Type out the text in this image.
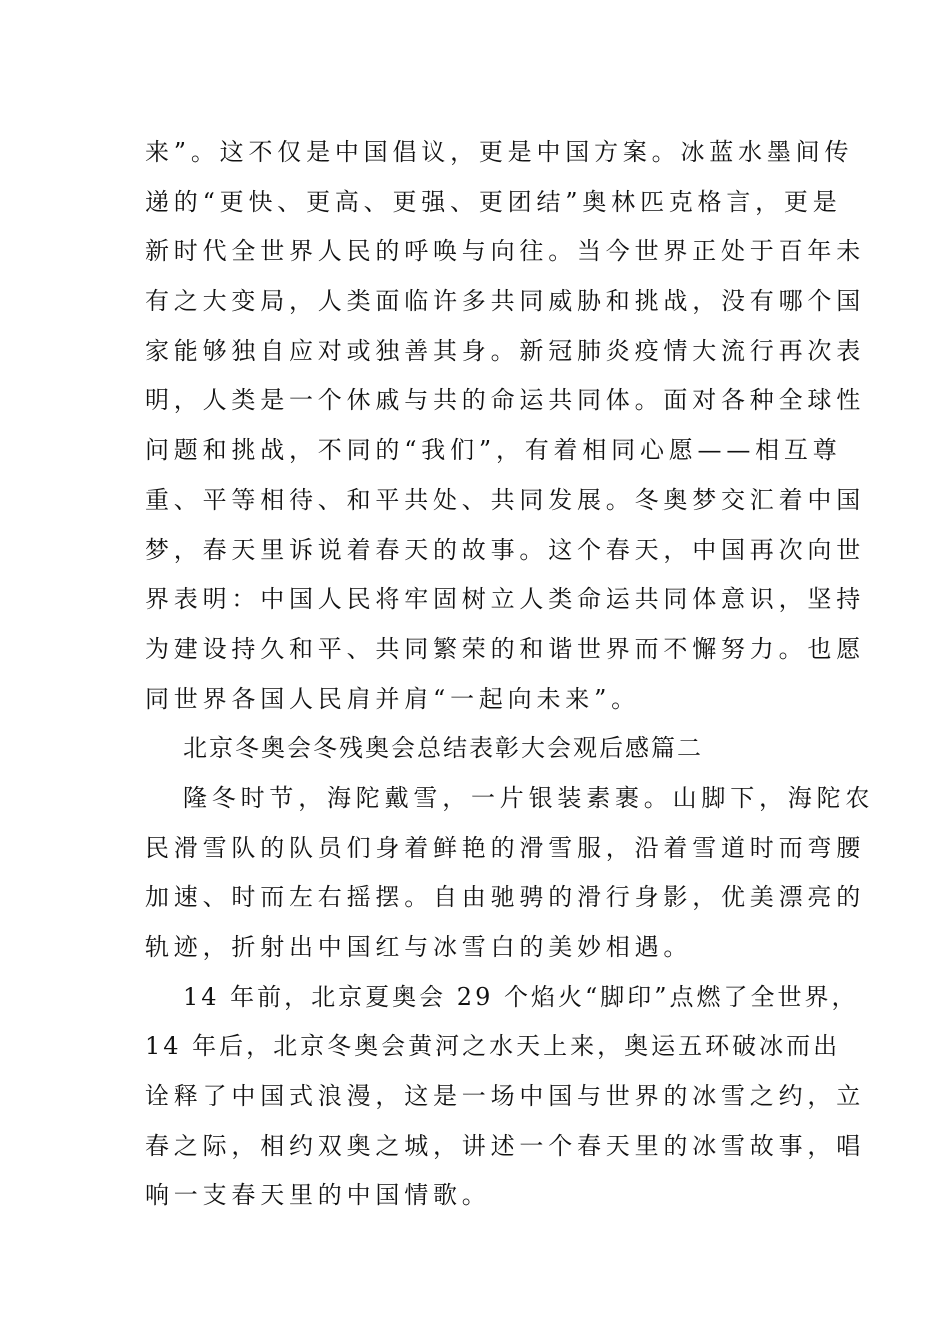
来”。这不仅是中国倡议，更是中国方案。冰蓝水墨间传
递的“更快、更高、更强、更团结”奥林匹克格言，更是
新时代全世界人民的呼唤与向往。当今世界正处于百年未
有之大变局，人类面临许多共同威胁和挑战，没有哪个国
家能够独自应对或独善其身。新冠肺炎疫情大流行再次表
明，人类是一个休戚与共的命运共同体。面对各种全球性
问题和挑战，不同的“我们”，有着相同心愿——相互尊
重、平等相待、和平共处、共同发展。冬奥梦交汇着中国
梦，春天里诉说着春天的故事。这个春天，中国再次向世
界表明：中国人民将牢固树立人类命运共同体意识，坚持
为建设持久和平、共同繁荣的和谐世界而不懈努力。也愿
同世界各国人民肩并肩“一起向未来”。
北京冬奥会冬残奥会总结表彰大会观后感篇二
隆冬时节，海陀戴雪，一片银装素裹。山脚下，海陀农
民滑雪队的队员们身着鲜艳的滑雪服，沿着雪道时而弯腰
加速、时而左右摇摆。自由驰骋的滑行身影，优美漂亮的
轨迹，折射出中国红与冰雪白的美妙相遇。
14 年前，北京夏奥会 29 个焰火“脚印”点燃了全世界，
14 年后，北京冬奥会黄河之水天上来，奥运五环破冰而出
诠释了中国式浪漫，这是一场中国与世界的冰雪之约，立
春之际，相约双奥之城，讲述一个春天里的冰雪故事，唱
响一支春天里的中国情歌。
